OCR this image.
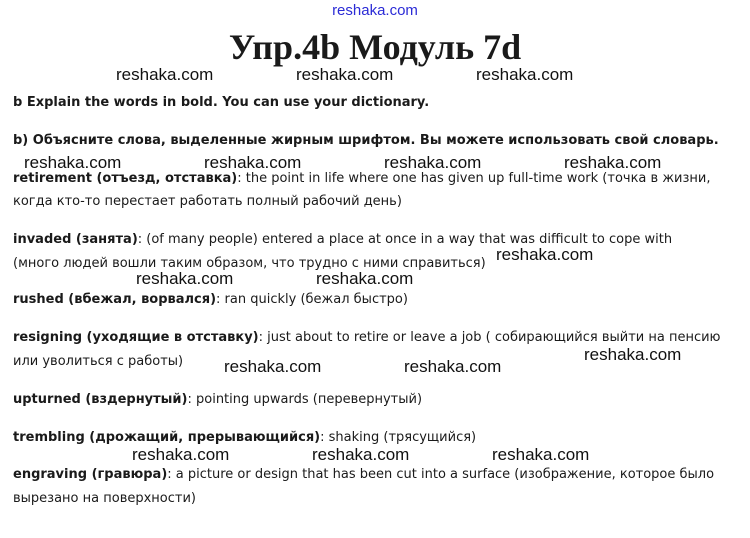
reshaka.com
Упр.4b Модуль 7d
reshaka.com	reshaka.com	reshaka.com
b Explain the words in bold. You can use your dictionary.
b) Объясните слова, выделенные жирным шрифтом. Вы можете использовать свой словарь.
reshaka.com	reshaka.com	reshaka.com	reshaka.com
retirement (отъезд, отставка): the point in life where one has given up full-time work (точка в жизни,
когда кто-то перестает работать полный рабочий день)
invaded (занята): (of many people) entered a place at once in a way that was difficult to cope with
(много людей вошли таким образом, что трудно с ними справиться) reshaka.com
reshaka.com	reshaka.com
rushed (вбежал, ворвался): ran quickly (бежал быстро)
resigning (уходящие в отставку): just about to retire or leave a job ( собирающийся выйти на пенсию
или уволиться с работы)	reshaka.com
reshaka.com	reshaka.com
upturned (вздернутый): pointing upwards (перевернутый)
trembling (дрожащий, прерывающийся): shaking (трясущийся)
reshaka.com	reshaka.com	reshaka.com
engraving (гравюра): a picture or design that has been cut into a surface (изображение, которое было
вырезано на поверхности)
